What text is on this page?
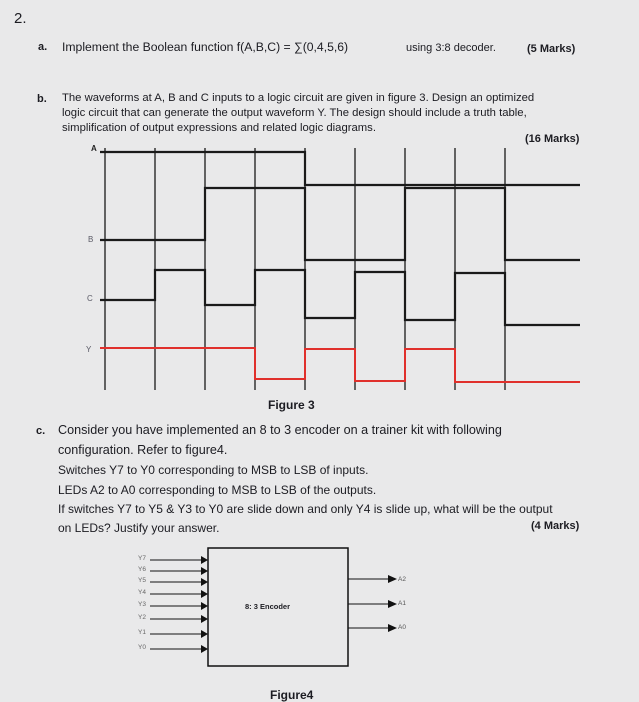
2.
a. Implement the Boolean function f(A,B,C) = ∑(0,4,5,6)	using 3:8 decoder.	(5 Marks)
b. The waveforms at A, B and C inputs to a logic circuit are given in figure 3. Design an optimized
logic circuit that can generate the output waveform Y. The design should include a truth table,
simplification of output expressions and related logic diagrams.
(16 Marks)
A
B
C
Y
Figure 3
c. Consider you have implemented an 8 to 3 encoder on a trainer kit with following
configuration. Refer to figure4.
Switches Y7 to Y0 corresponding to MSB to LSB of inputs.
LEDs A2 to A0 corresponding to MSB to LSB of the outputs.
If switches Y7 to Y5 & Y3 to Y0 are slide down and only Y4 is slide up, what will be the output
on LEDs? Justify your answer.	(4 Marks)
Y7
Y6
Y5
Y4
Y3
Y2
Y1
Y0
8: 3 Encoder
A2
A1
A0
Figure4
